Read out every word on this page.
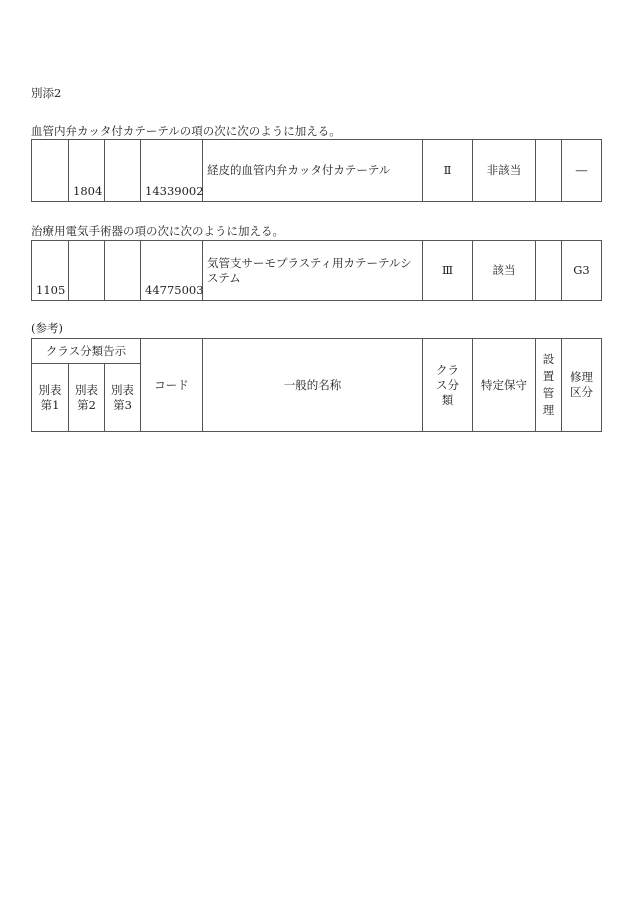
別添2
血管内弁カッタ付カテーテルの項の次に次のように加える。
	1804		14339002	経皮的血管内弁カッタ付カテーテル	Ⅱ	非該当		―
治療用電気手術器の項の次に次のように加える。
1105			44775003	気管支サーモプラスティ用カテーテルシステム	Ⅲ	該当		G3
(参考)
クラス分類告示			コード	一般的名称	クラス分類	特定保守	設置管理	修理区分
別表第1	別表第2	別表第3						
